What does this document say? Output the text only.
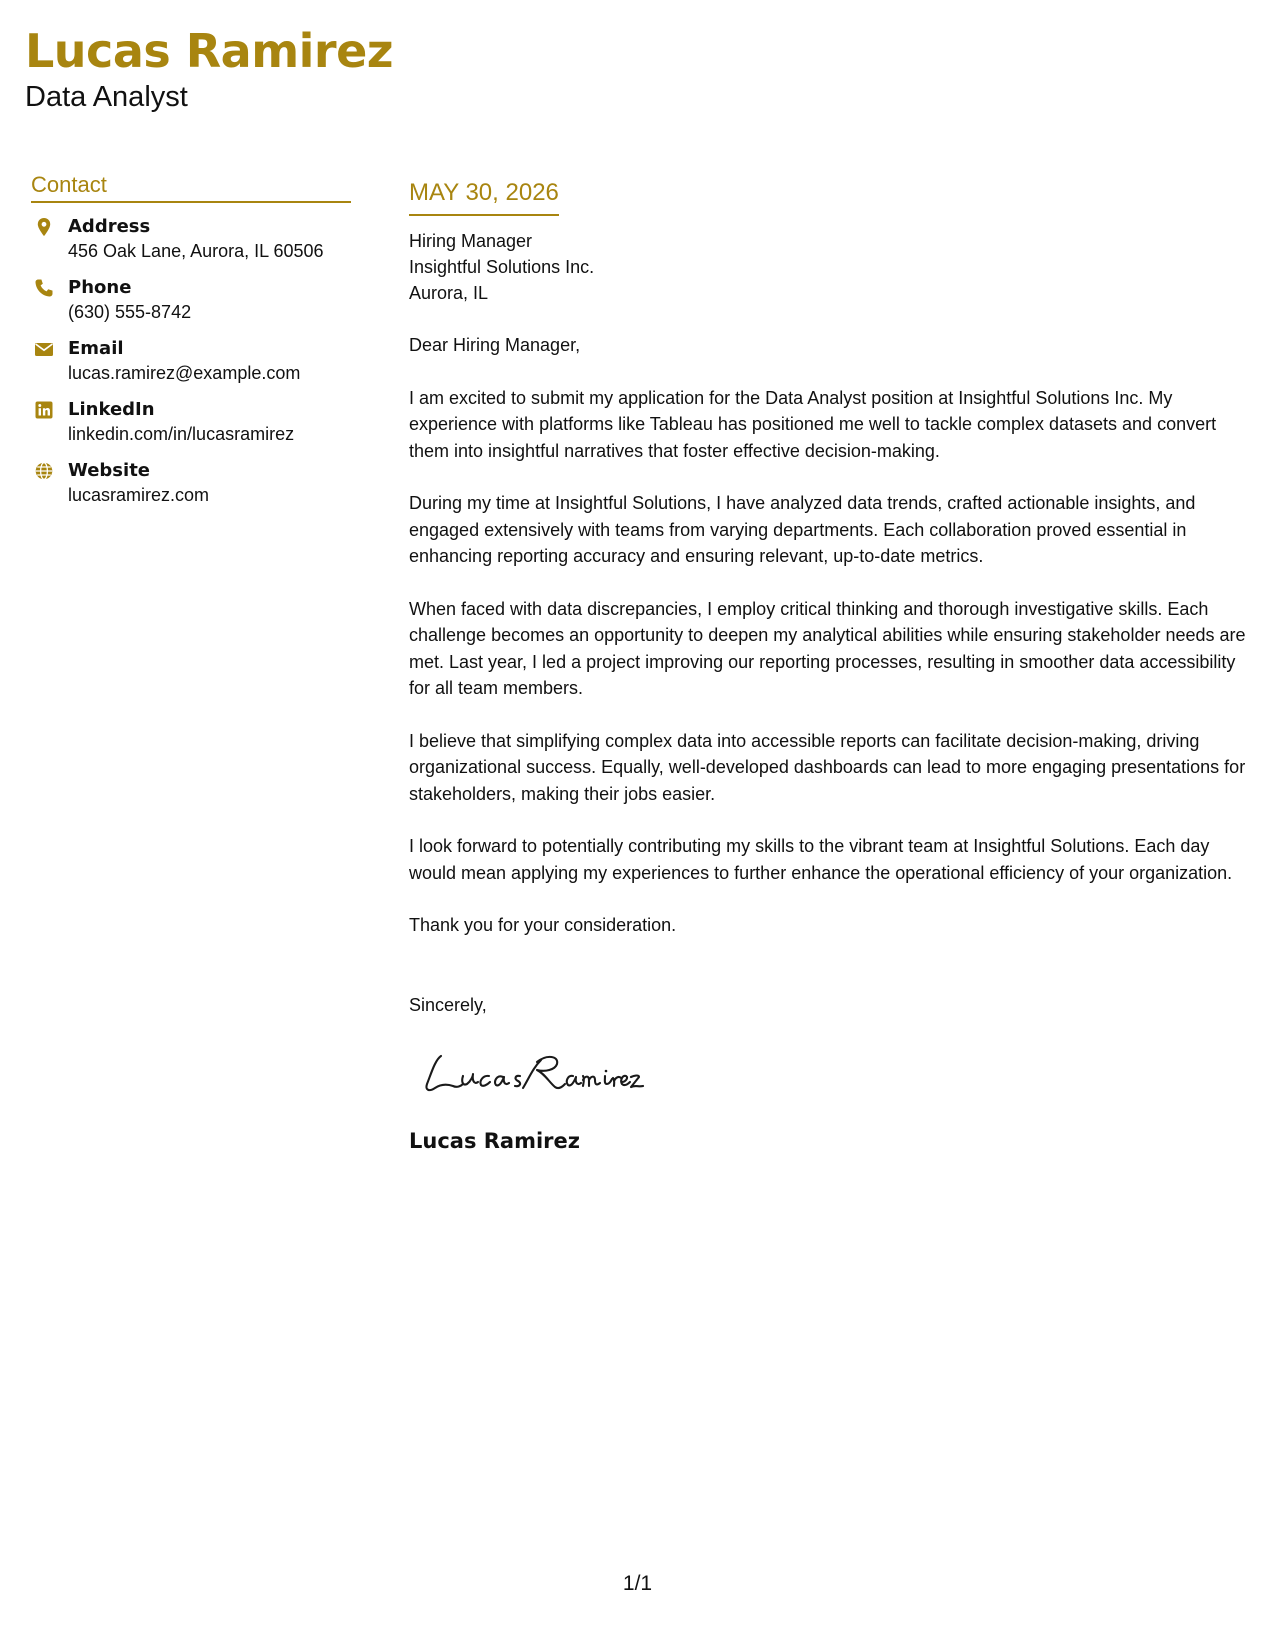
Lucas Ramirez
Data Analyst
Contact
Address
456 Oak Lane, Aurora, IL 60506
Phone
(630) 555-8742
Email
lucas.ramirez@example.com
LinkedIn
linkedin.com/in/lucasramirez
Website
lucasramirez.com
MAY 30, 2026
Hiring Manager
Insightful Solutions Inc.
Aurora, IL
Dear Hiring Manager,

I am excited to submit my application for the Data Analyst position at Insightful Solutions Inc. My experience with platforms like Tableau has positioned me well to tackle complex datasets and convert them into insightful narratives that foster effective decision-making.

During my time at Insightful Solutions, I have analyzed data trends, crafted actionable insights, and engaged extensively with teams from varying departments. Each collaboration proved essential in enhancing reporting accuracy and ensuring relevant, up-to-date metrics.

When faced with data discrepancies, I employ critical thinking and thorough investigative skills. Each challenge becomes an opportunity to deepen my analytical abilities while ensuring stakeholder needs are met. Last year, I led a project improving our reporting processes, resulting in smoother data accessibility for all team members.

I believe that simplifying complex data into accessible reports can facilitate decision-making, driving organizational success. Equally, well-developed dashboards can lead to more engaging presentations for stakeholders, making their jobs easier.

I look forward to potentially contributing my skills to the vibrant team at Insightful Solutions. Each day would mean applying my experiences to further enhance the operational efficiency of your organization.

Thank you for your consideration.

Sincerely,
Lucas Ramirez
1/1
